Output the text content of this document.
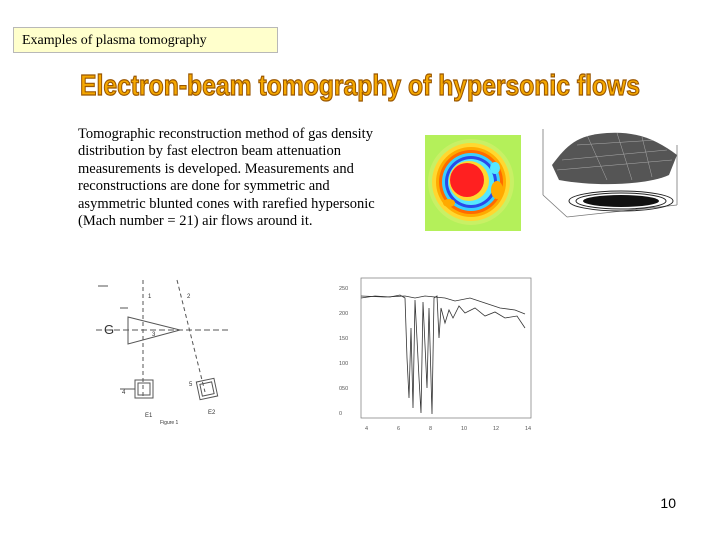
Examples of plasma tomography
Electron-beam tomography of hypersonic flows
Tomographic reconstruction method of gas density distribution by fast electron beam attenuation measurements is developed. Measurements and reconstructions are done for symmetric and asymmetric blunted cones with rarefied hypersonic (Mach number = 21) air flows around it.
1	2
G	3
4
5
E1	E2
Figure 1
250
200
150
100
050
0
4	6	8	10	12	14
10
